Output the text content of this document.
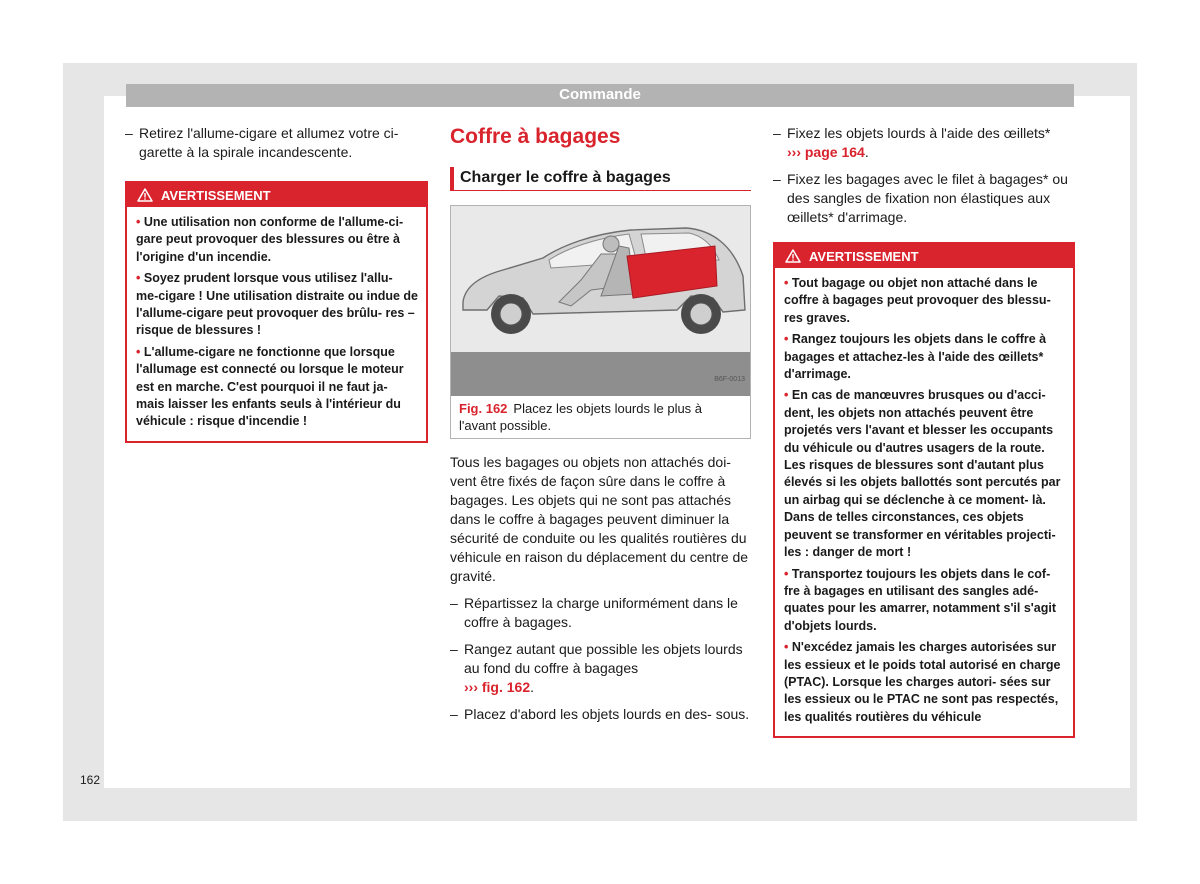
Commande
– Retirez l'allume-cigare et allumez votre ci-
garette à la spirale incandescente.
AVERTISSEMENT
• Une utilisation non conforme de l'allume-ci- gare peut provoquer des blessures ou être à l'origine d'un incendie.
• Soyez prudent lorsque vous utilisez l'allu- me-cigare ! Une utilisation distraite ou indue de l'allume-cigare peut provoquer des brûlu- res – risque de blessures !
• L'allume-cigare ne fonctionne que lorsque l'allumage est connecté ou lorsque le moteur est en marche. C'est pourquoi il ne faut ja- mais laisser les enfants seuls à l'intérieur du véhicule : risque d'incendie !
Coffre à bagages
Charger le coffre à bagages
B6F-0013
Fig. 162 Placez les objets lourds le plus à l'avant possible.
Tous les bagages ou objets non attachés doi- vent être fixés de façon sûre dans le coffre à bagages. Les objets qui ne sont pas attachés dans le coffre à bagages peuvent diminuer la sécurité de conduite ou les qualités routières du véhicule en raison du déplacement du centre de gravité.
– Répartissez la charge uniformément dans le coffre à bagages.
– Rangez autant que possible les objets lourds au fond du coffre à bagages
››› fig. 162.
– Placez d'abord les objets lourds en des- sous.
– Fixez les objets lourds à l'aide des œillets*
››› page 164.
– Fixez les bagages avec le filet à bagages* ou des sangles de fixation non élastiques aux œillets* d'arrimage.
AVERTISSEMENT
• Tout bagage ou objet non attaché dans le coffre à bagages peut provoquer des blessu- res graves.
• Rangez toujours les objets dans le coffre à bagages et attachez-les à l'aide des œillets* d'arrimage.
• En cas de manœuvres brusques ou d'acci- dent, les objets non attachés peuvent être projetés vers l'avant et blesser les occupants du véhicule ou d'autres usagers de la route. Les risques de blessures sont d'autant plus élevés si les objets ballottés sont percutés par un airbag qui se déclenche à ce moment- là. Dans de telles circonstances, ces objets peuvent se transformer en véritables projecti- les : danger de mort !
• Transportez toujours les objets dans le cof- fre à bagages en utilisant des sangles adé- quates pour les amarrer, notamment s'il s'agit d'objets lourds.
• N'excédez jamais les charges autorisées sur les essieux et le poids total autorisé en charge (PTAC). Lorsque les charges autori- sées sur les essieux ou le PTAC ne sont pas respectés, les qualités routières du véhicule
162
